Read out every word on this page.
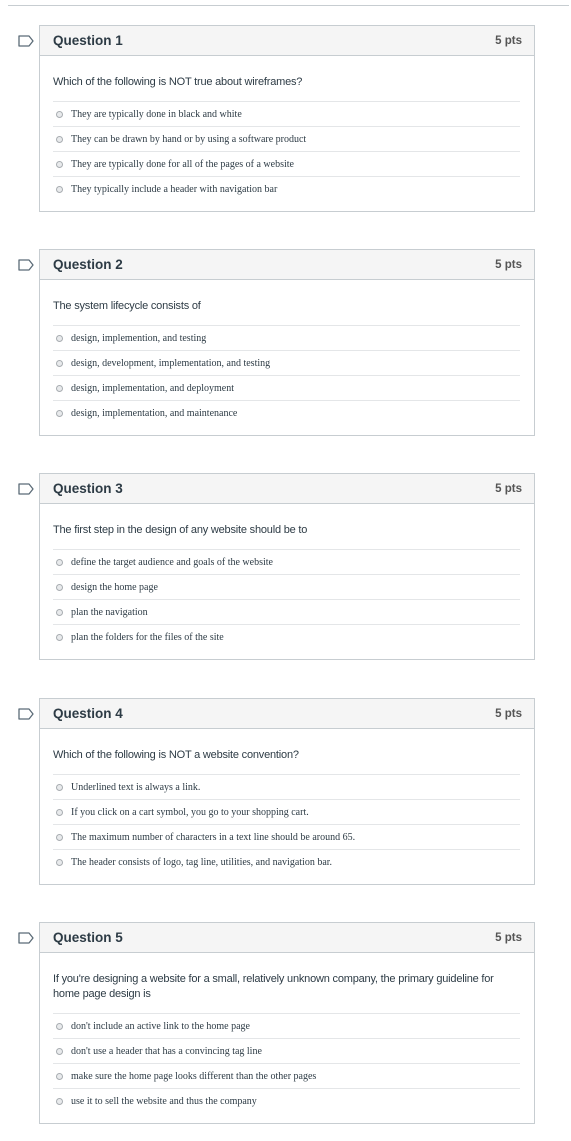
Question 1	5 pts
Which of the following is NOT true about wireframes?
They are typically done in black and white
They can be drawn by hand or by using a software product
They are typically done for all of the pages of a website
They typically include a header with navigation bar
Question 2	5 pts
The system lifecycle consists of
design, implemention, and testing
design, development, implementation, and testing
design, implementation, and deployment
design, implementation, and maintenance
Question 3	5 pts
The first step in the design of any website should be to
define the target audience and goals of the website
design the home page
plan the navigation
plan the folders for the files of the site
Question 4	5 pts
Which of the following is NOT a website convention?
Underlined text is always a link.
If you click on a cart symbol, you go to your shopping cart.
The maximum number of characters in a text line should be around 65.
The header consists of logo, tag line, utilities, and navigation bar.
Question 5	5 pts
If you're designing a website for a small, relatively unknown company, the primary guideline for home page design is
don't include an active link to the home page
don't use a header that has a convincing tag line
make sure the home page looks different than the other pages
use it to sell the website and thus the company
